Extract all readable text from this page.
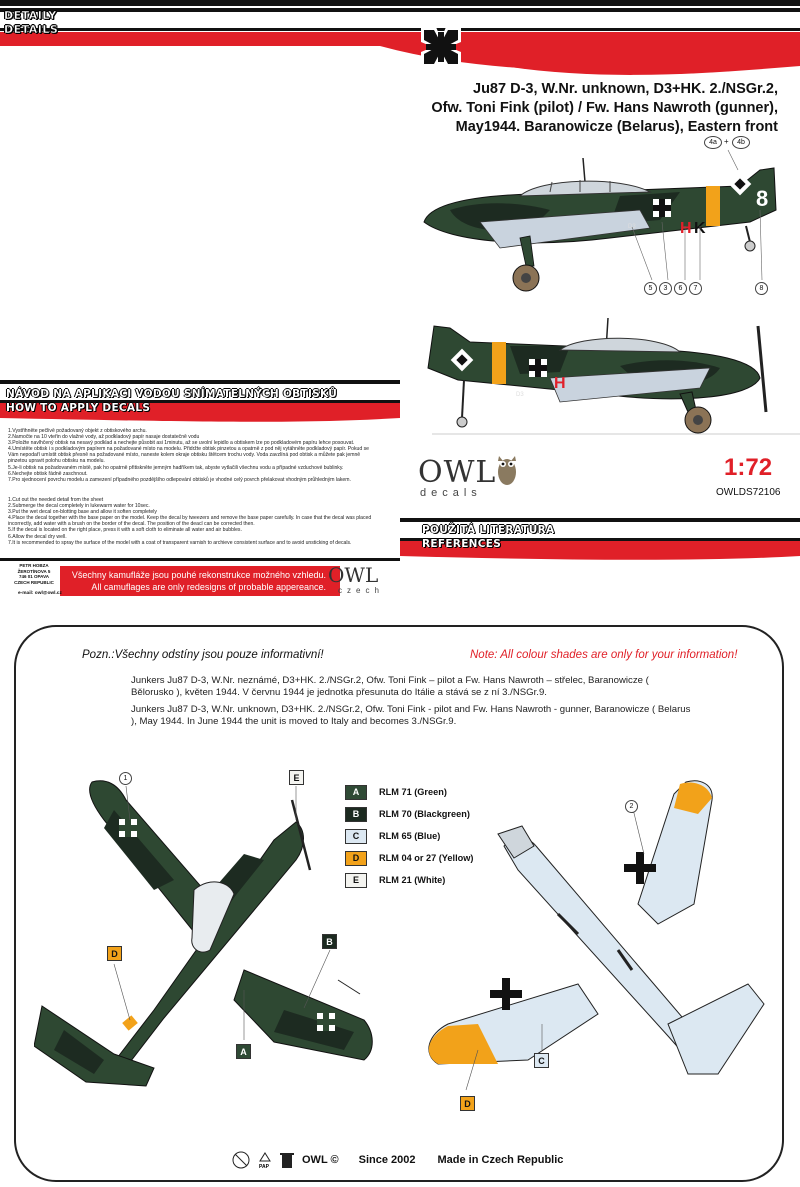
DETAILY
DETAILS
Ju87 D-3, W.Nr. unknown, D3+HK. 2./NSGr.2,
Ofw. Toni Fink (pilot) / Fw. Hans Nawroth (gunner),
May1944. Baranowicze (Belarus), Eastern front
D3	H K
8
4a +	4b
5	3	6	7	8
H
D3
8
NÁVOD NA APLIKACI VODOU SNÍMATELNÝCH OBTISKŮ
HOW TO APPLY DECALS

1.Vystřihněte pečlivě požadovaný objekt z obtiskového archu.

2.Namočte na 10 vteřin do vlažné vody, až podkladový papír nasaje dostatečně vodu

3.Položte navlhčený obtisk na nesavý podklad a nechejte působit asi 1minutu, až se uvolní lepidlo a obtiskem lze po podkladovém papíru lehce posouvat.

4.Umístěte obtisk i s podkladovým papírem na požadované místo na modelu. Přidržte obtisk pinzetou a opatrně z pod něj vytáhněte podkladový papír. Pokud se

Vám nepodaří umístit obtisk přesně na požadované místo, naneste kolem okraje obtisku štětcem trochu vody. Voda zavzlíná pod obtisk a můžete pak jemně

pinzetou upravit polohu obtisku na modelu.

5.Je-li obtisk na požadovaném místě, pak ho opatrně přitiskněte jemným hadříkem tak, abyste vytlačili všechnu vodu a případné vzduchové bublinky.

6.Nechejte obtisk řádně zaschnout.

7.Pro sjednocení povrchu modelu a zamezení případného pozdějšího odlepování obtisků je vhodné celý povrch přelakovat vhodným průhledným lakem.

1.Cut out the needed detail from the sheet

2.Submerge the decal completely in lukewarm water for 10sec.

3.Put the wet decal on-blotting base and allow it soften completely

4.Place the decal together with the base paper on the model. Keep the decal by tweezers and remove the base paper carefully. In case that the decal was placed

incorrectly, add water with a brush on the border of the decal. The position of the deacl can be corrected then.

5.If the decal is located on the right place, press it with a soft cloth to eliminate all water and air bubbles.

6.Allow the decal dry well.

7.It is recommended to spray the surface of the model with a coat of transparent varnish to archieve consistent surface and to avoid unsticking of decals.

OWL
decals
1:72
OWLDS72106
POUŽITÁ LITERATURA
REFERENCES
PETR HOBZA
ŽEROTÍNOVA 5
746 01 OPAVA
CZECH REPUBLIC
e-mail: owl@owl.cz
Všechny kamufláže jsou pouhé rekonstrukce možného vzhledu.
All camuflages are only redesigns of probable appereance. OWL
czech
Pozn.:Všechny odstíny jsou pouze informativní!	Note: All colour shades are only for your information!
Junkers Ju87 D-3, W.Nr. neznámé, D3+HK. 2./NSGr.2, Ofw. Toni Fink – pilot a Fw. Hans Nawroth – střelec, Baranowicze ( Bělorusko ), květen 1944. V červnu 1944 je jednotka přesunuta do Itálie a stává se z ní 3./NSGr.9.
Junkers Ju87 D-3, W.Nr. unknown, D3+HK. 2./NSGr.2, Ofw. Toni Fink - pilot and Fw. Hans Nawroth - gunner, Baranowicze ( Belarus ), May 1944. In June 1944 the unit is moved to Italy and becomes 3./NSGr.9.
1	E
D
B
A
A	RLM 71 (Green)
B	RLM 70 (Blackgreen)
C	RLM 65 (Blue)
D	RLM 04 or 27 (Yellow)
E	RLM 21 (White)
2
C
D
PAP
OWL © Since 2002 Made in Czech Republic
